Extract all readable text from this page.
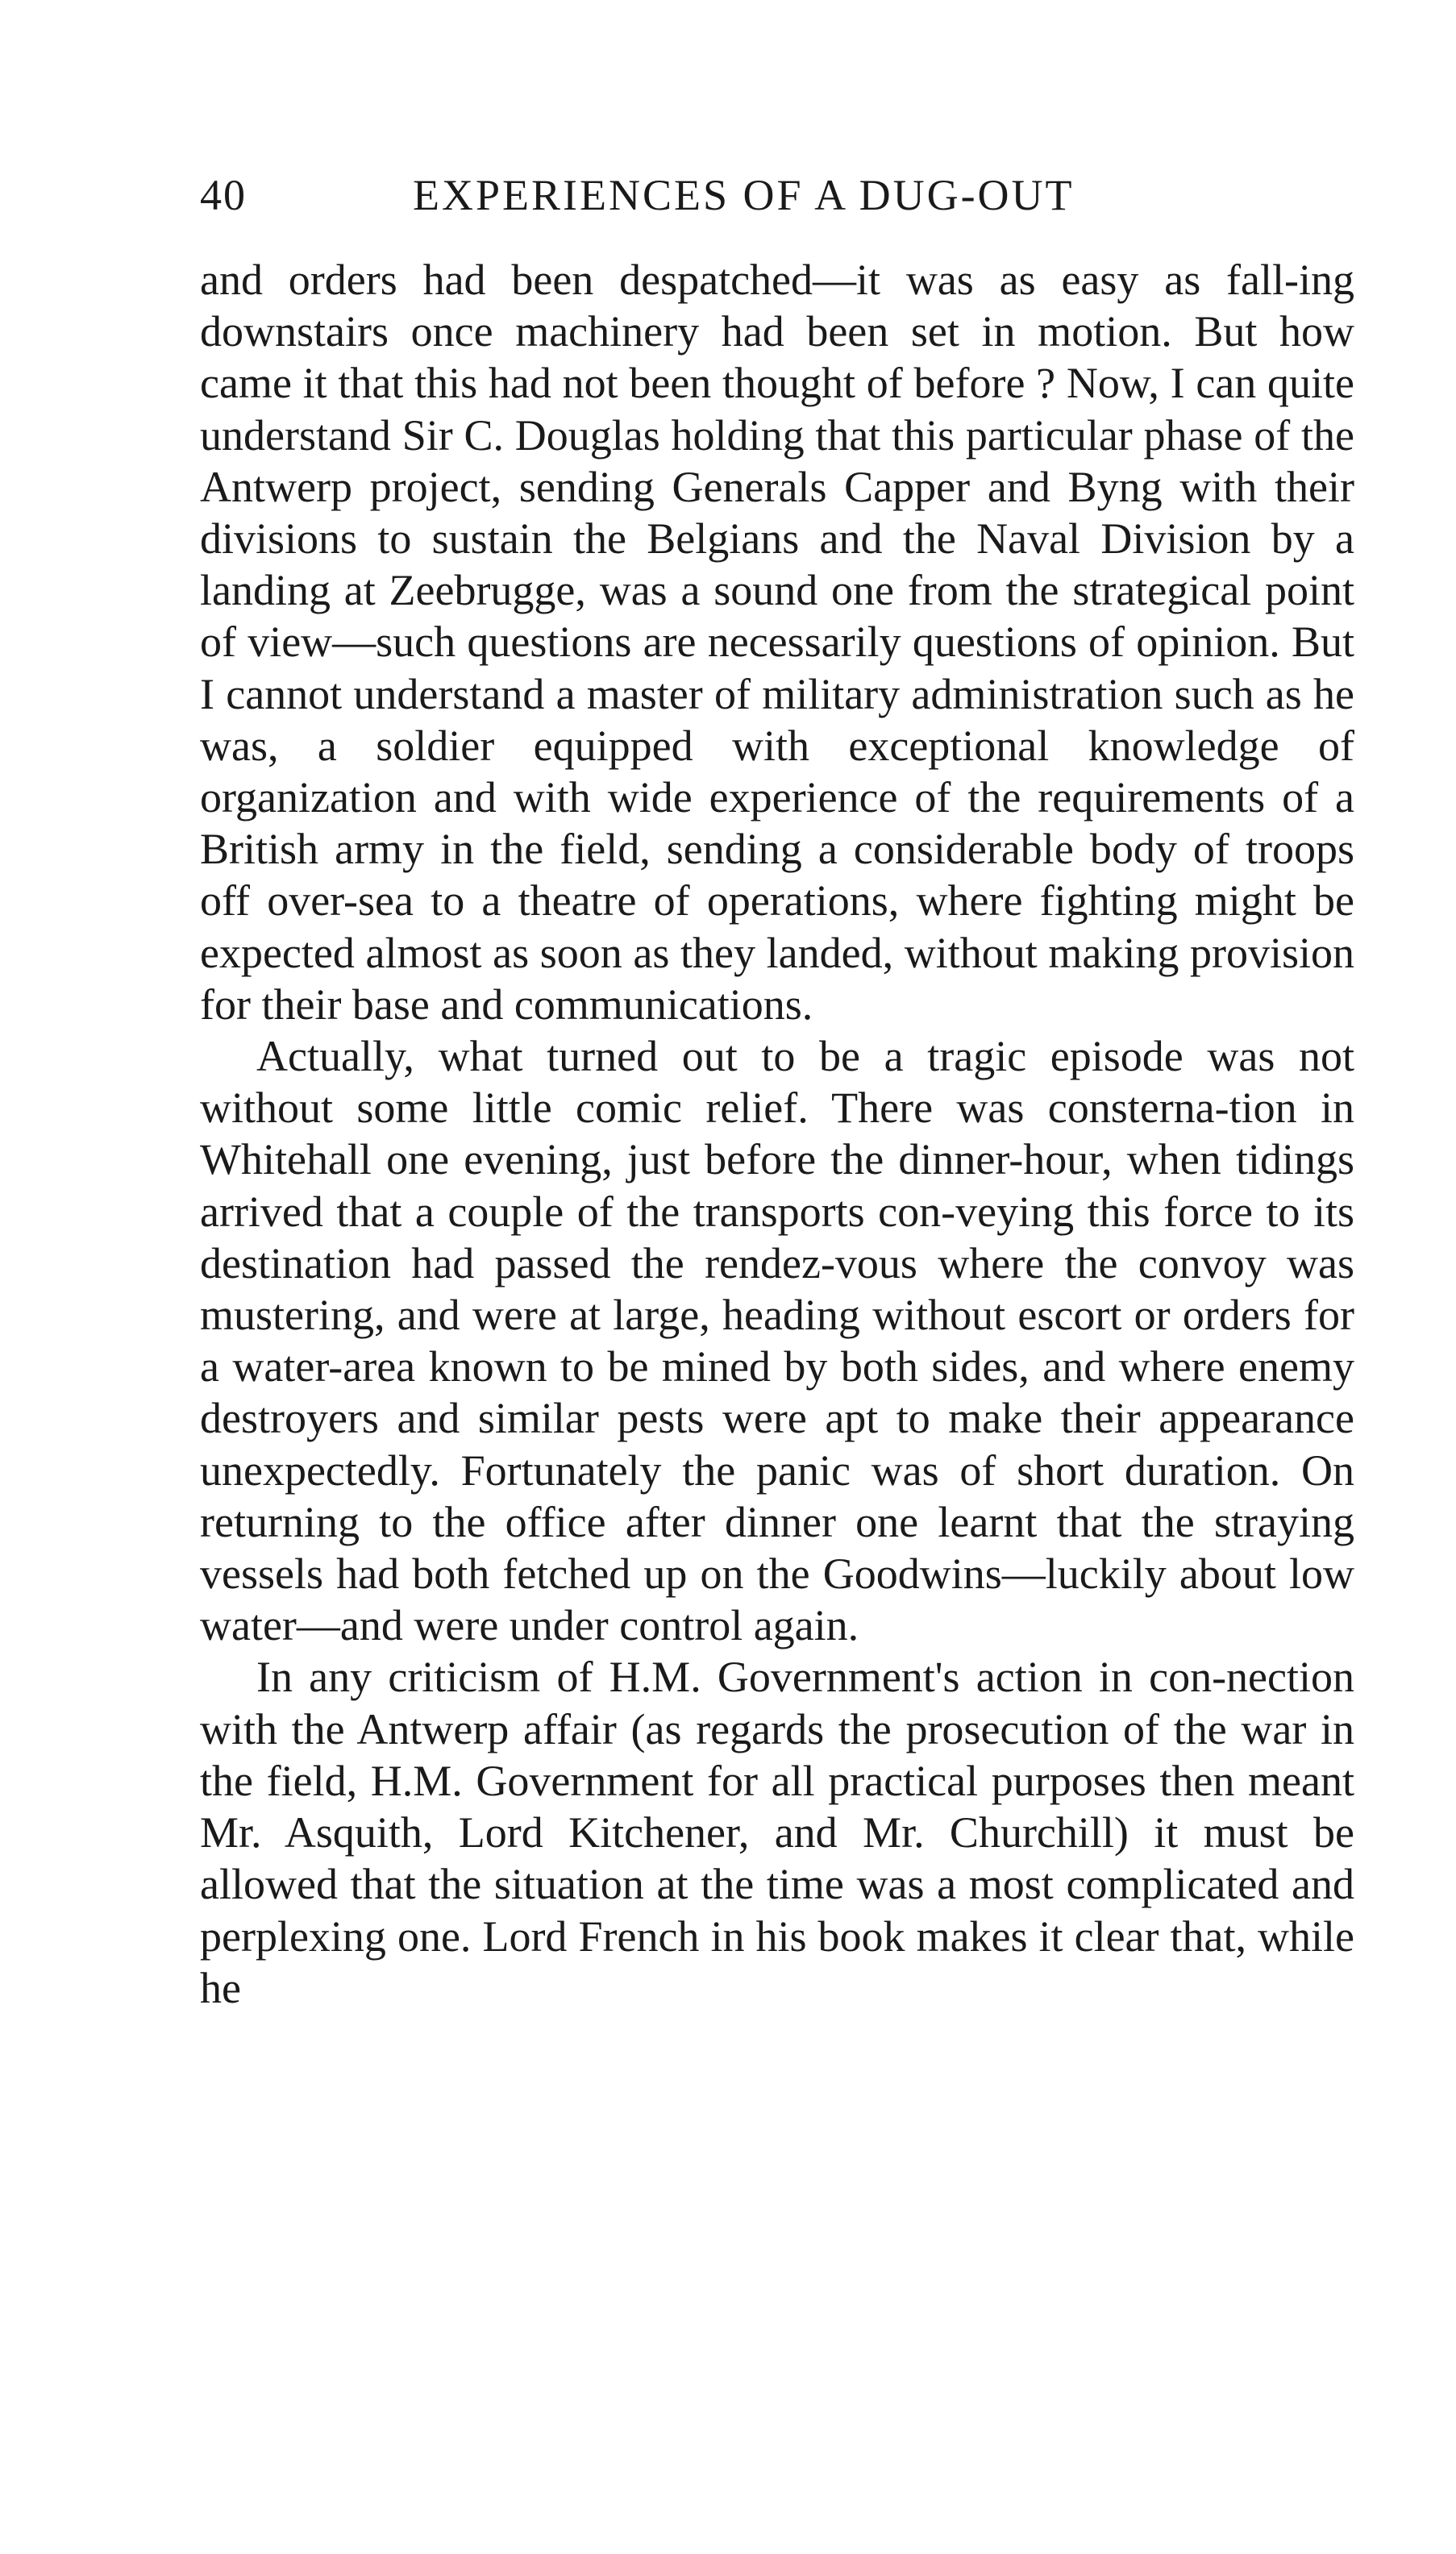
40	EXPERIENCES OF A DUG-OUT

and orders had been despatched—it was as easy as fall-ing downstairs once machinery had been set in motion. But how came it that this had not been thought of before ? Now, I can quite understand Sir C. Douglas holding that this particular phase of the Antwerp project, sending Generals Capper and Byng with their divisions to sustain the Belgians and the Naval Division by a landing at Zeebrugge, was a sound one from the strategical point of view—such questions are necessarily questions of opinion. But I cannot understand a master of military administration such as he was, a soldier equipped with exceptional knowledge of organization and with wide experience of the requirements of a British army in the field, sending a considerable body of troops off over-sea to a theatre of operations, where fighting might be expected almost as soon as they landed, without making provision for their base and communications.

Actually, what turned out to be a tragic episode was not without some little comic relief. There was consterna-tion in Whitehall one evening, just before the dinner-hour, when tidings arrived that a couple of the transports con-veying this force to its destination had passed the rendez-vous where the convoy was mustering, and were at large, heading without escort or orders for a water-area known to be mined by both sides, and where enemy destroyers and similar pests were apt to make their appearance unexpectedly. Fortunately the panic was of short duration. On returning to the office after dinner one learnt that the straying vessels had both fetched up on the Goodwins—luckily about low water—and were under control again.

In any criticism of H.M. Government's action in con-nection with the Antwerp affair (as regards the prosecution of the war in the field, H.M. Government for all practical purposes then meant Mr. Asquith, Lord Kitchener, and Mr. Churchill) it must be allowed that the situation at the time was a most complicated and perplexing one. Lord French in his book makes it clear that, while he
